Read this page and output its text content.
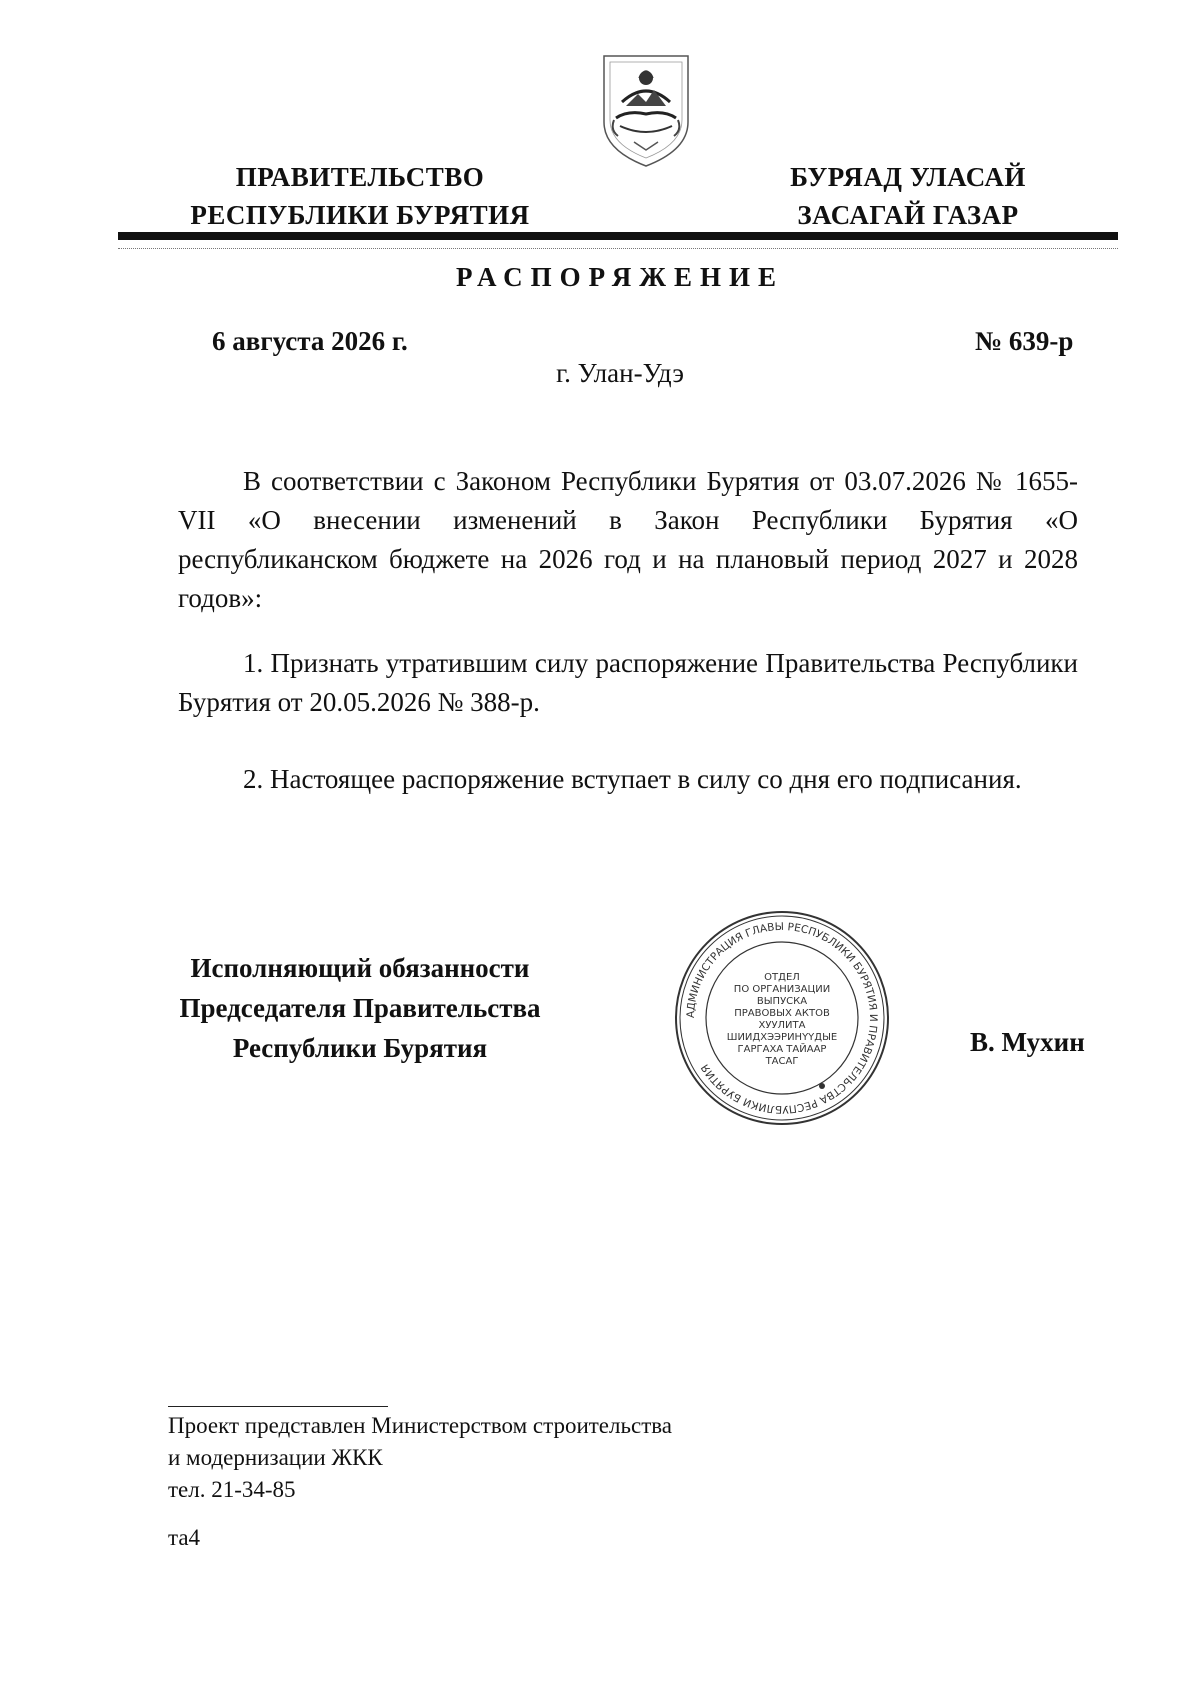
ПРАВИТЕЛЬСТВО
РЕСПУБЛИКИ БУРЯТИЯ
БУРЯАД УЛАСАЙ
ЗАСАГАЙ ГАЗАР
РАСПОРЯЖЕНИЕ
6 августа 2026 г.	№ 639-р
г. Улан-Удэ
В соответствии с Законом Республики Бурятия от 03.07.2026 № 1655-VII «О внесении изменений в Закон Республики Бурятия «О республиканском бюджете на 2026 год и на плановый период 2027 и 2028 годов»:
1. Признать утратившим силу распоряжение Правительства Республики Бурятия от 20.05.2026 № 388-р.
2. Настоящее распоряжение вступает в силу со дня его подписания.
Исполняющий обязанности
Председателя Правительства
Республики Бурятия
АДМИНИСТРАЦИЯ ГЛАВЫ РЕСПУБЛИКИ БУРЯТИЯ И ПРАВИТЕЛЬСТВА РЕСПУБЛИКИ БУРЯТИЯ
ОТДЕЛ
ПО ОРГАНИЗАЦИИ
ВЫПУСКА
ПРАВОВЫХ АКТОВ
ХУУЛИТА
ШИИДХЭЭРИНҮҮДЫЕ
ГАРГАХА ТАЙААР
ТАСАГ
В. Мухин
Проект представлен Министерством строительства
и модернизации ЖКК
тел. 21-34-85
та4
